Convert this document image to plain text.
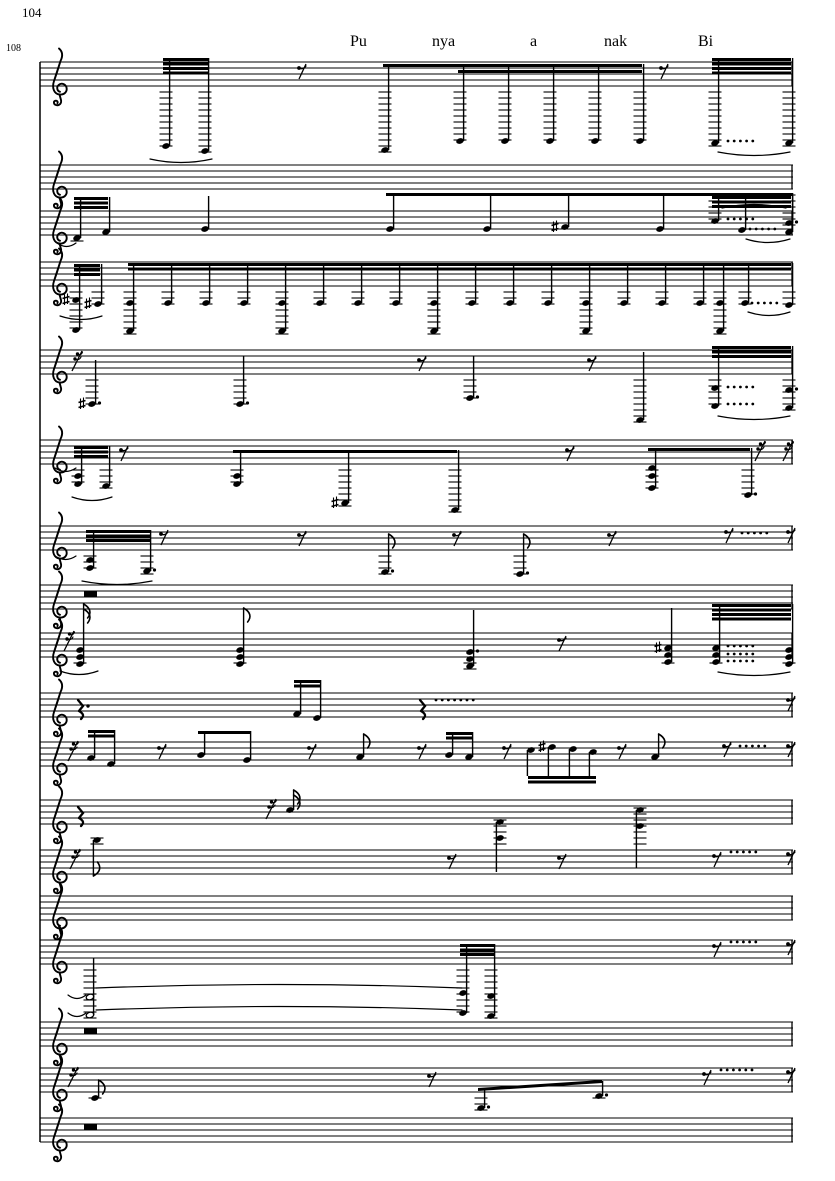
104
108	Pu	nya	a	nak	Bi
